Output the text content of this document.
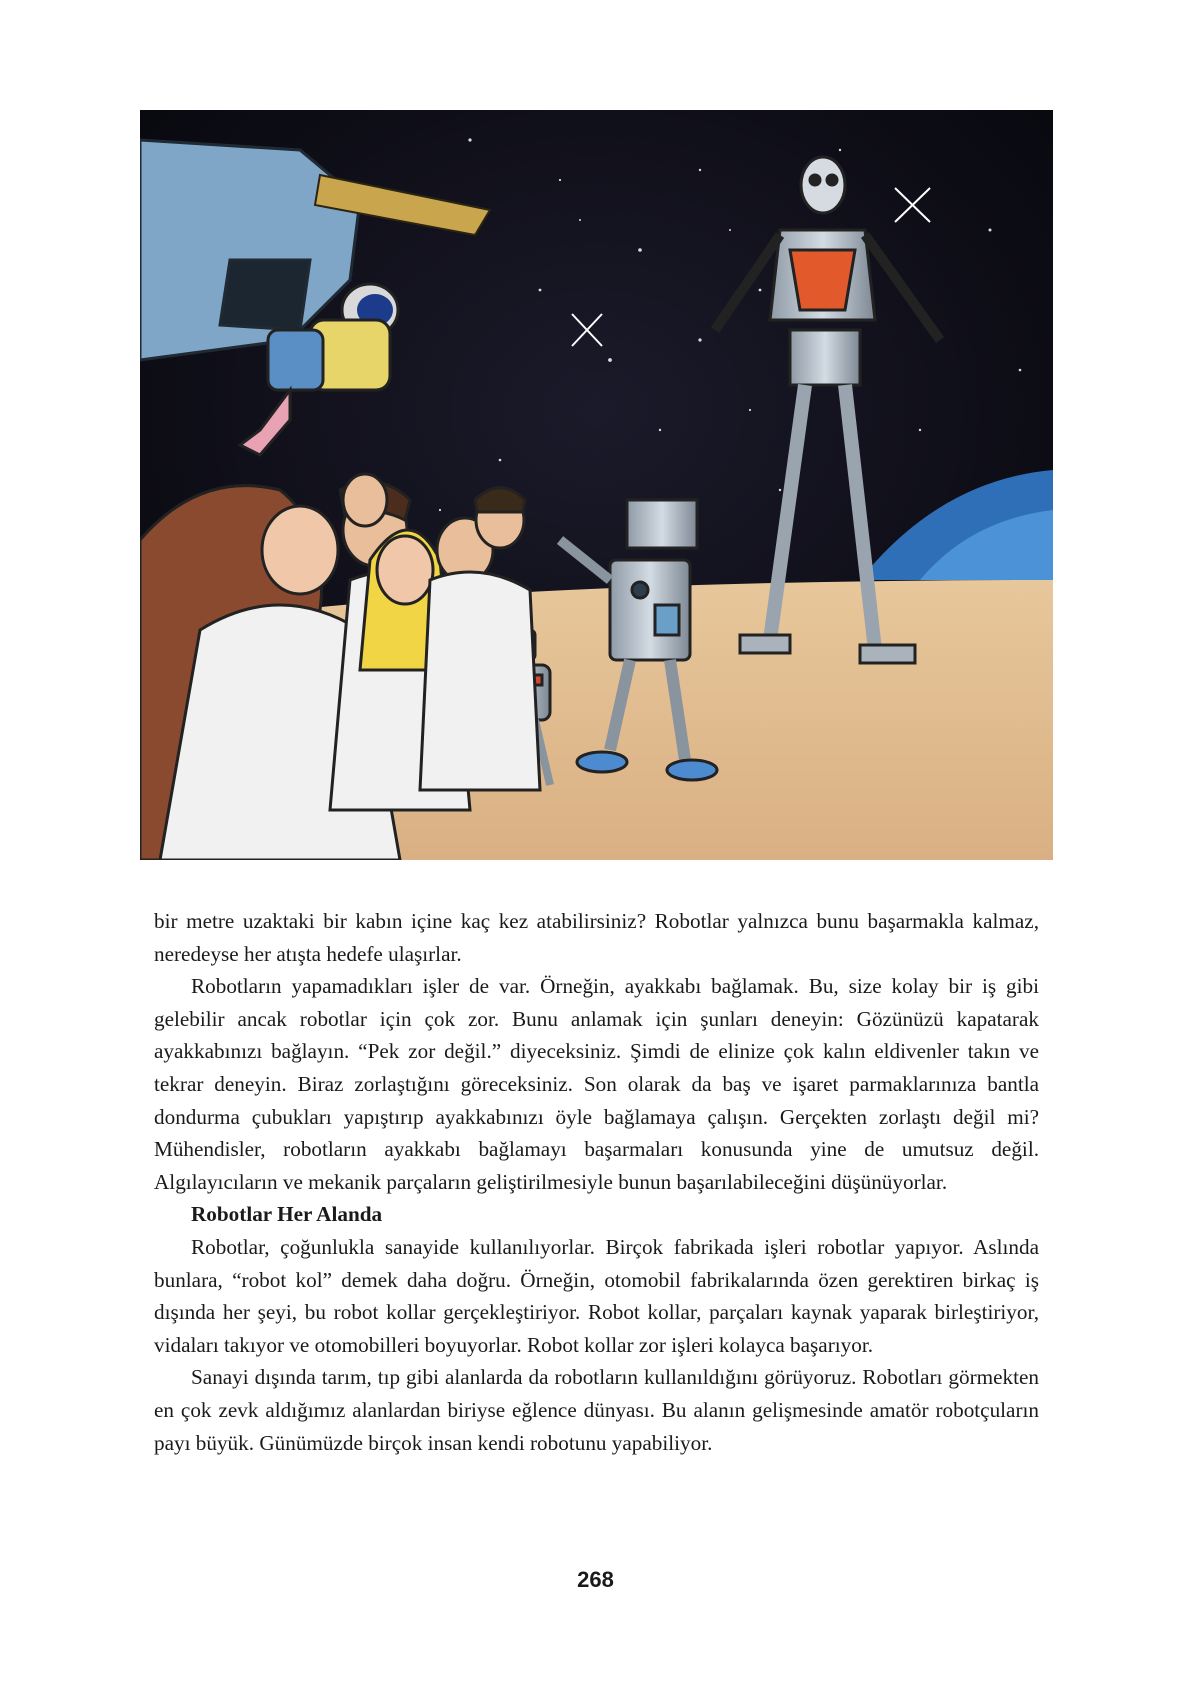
bir metre uzaktaki bir kabın içine kaç kez atabilirsiniz? Robotlar yalnızca bunu başarmakla kalmaz, neredeyse her atışta hedefe ulaşırlar.

Robotların yapamadıkları işler de var. Örneğin, ayakkabı bağlamak. Bu, size kolay bir iş gibi gelebilir ancak robotlar için çok zor. Bunu anlamak için şunları deneyin: Gözünüzü kapatarak ayakkabınızı bağlayın. “Pek zor değil.” diyeceksiniz. Şimdi de elinize çok kalın eldivenler takın ve tekrar deneyin. Biraz zorlaştığını göreceksiniz. Son olarak da baş ve işaret parmaklarınıza bantla dondurma çubukları yapıştırıp ayakkabınızı öyle bağlamaya çalışın. Gerçekten zorlaştı değil mi? Mühendisler, robotların ayakkabı bağlamayı başarmaları konusunda yine de umutsuz değil. Algılayıcıların ve mekanik parçaların geliştirilmesiyle bunun başarılabileceğini düşünüyorlar.

Robotlar Her Alanda

Robotlar, çoğunlukla sanayide kullanılıyorlar. Birçok fabrikada işleri robotlar yapıyor. Aslında bunlara, “robot kol” demek daha doğru. Örneğin, otomobil fabrikalarında özen gerektiren birkaç iş dışında her şeyi, bu robot kollar gerçekleştiriyor. Robot kollar, parçaları kaynak yaparak birleştiriyor, vidaları takıyor ve otomobilleri boyuyorlar. Robot kollar zor işleri kolayca başarıyor.

Sanayi dışında tarım, tıp gibi alanlarda da robotların kullanıldığını görüyoruz. Robotları görmekten en çok zevk aldığımız alanlardan biriyse eğlence dünyası. Bu alanın gelişmesinde amatör robotçuların payı büyük. Günümüzde birçok insan kendi robotunu yapabiliyor.

268
